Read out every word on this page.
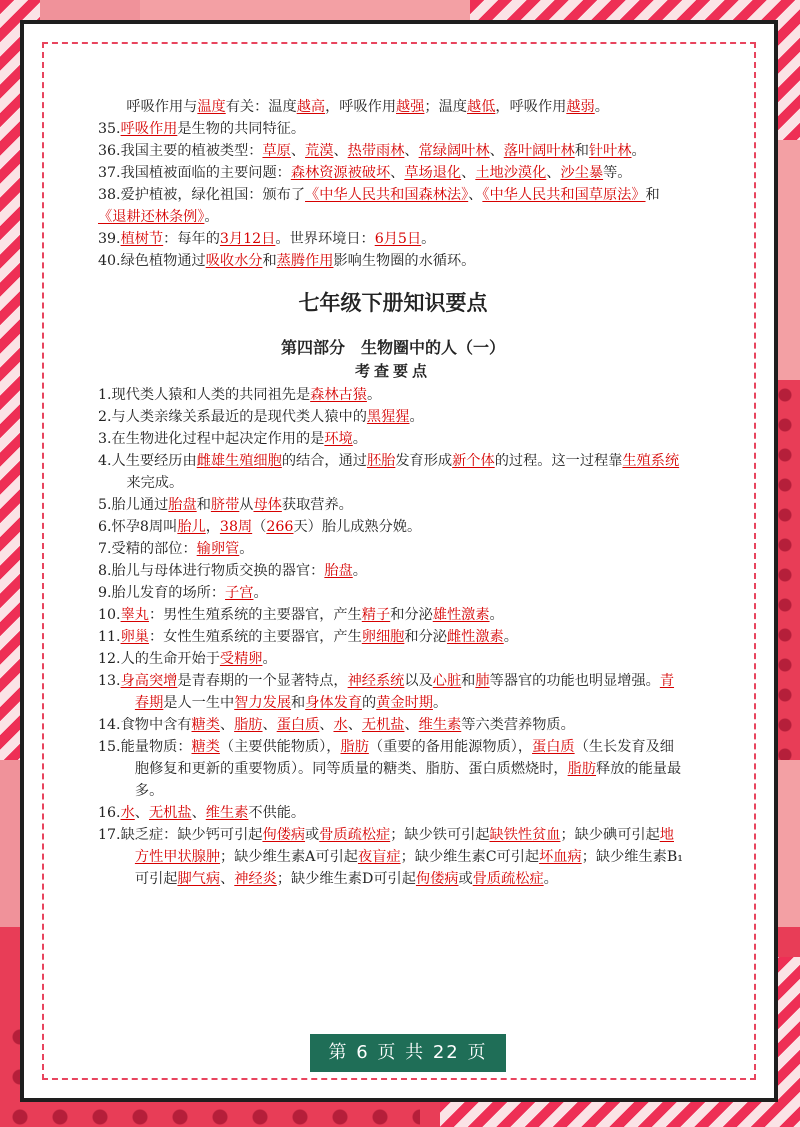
呼吸作用与温度有关：温度越高，呼吸作用越强；温度越低，呼吸作用越弱。

35.呼吸作用是生物的共同特征。

36.我国主要的植被类型：草原、荒漠、热带雨林、常绿阔叶林、落叶阔叶林和针叶林。

37.我国植被面临的主要问题：森林资源被破坏、草场退化、土地沙漠化、沙尘暴等。

38.爱护植被，绿化祖国：颁布了《中华人民共和国森林法》、《中华人民共和国草原法》和《退耕还林条例》。

39.植树节：每年的3月12日。世界环境日：6月5日。

40.绿色植物通过吸收水分和蒸腾作用影响生物圈的水循环。

七年级下册知识要点
第四部分　生物圈中的人（一）
考查要点

1.现代类人猿和人类的共同祖先是森林古猿。

2.与人类亲缘关系最近的是现代类人猿中的黑猩猩。

3.在生物进化过程中起决定作用的是环境。

4.人生要经历由雌雄生殖细胞的结合，通过胚胎发育形成新个体的过程。这一过程靠生殖系统来完成。

5.胎儿通过胎盘和脐带从母体获取营养。

6.怀孕8周叫胎儿，38周（266天）胎儿成熟分娩。

7.受精的部位：输卵管。

8.胎儿与母体进行物质交换的器官：胎盘。

9.胎儿发育的场所：子宫。

10.睾丸：男性生殖系统的主要器官，产生精子和分泌雄性激素。

11.卵巢：女性生殖系统的主要器官，产生卵细胞和分泌雌性激素。

12.人的生命开始于受精卵。

13.身高突增是青春期的一个显著特点，神经系统以及心脏和肺等器官的功能也明显增强。青春期是人一生中智力发展和身体发育的黄金时期。

14.食物中含有糖类、脂肪、蛋白质、水、无机盐、维生素等六类营养物质。

15.能量物质：糖类（主要供能物质），脂肪（重要的备用能源物质），蛋白质（生长发育及细胞修复和更新的重要物质）。同等质量的糖类、脂肪、蛋白质燃烧时，脂肪释放的能量最多。

16.水、无机盐、维生素不供能。

17.缺乏症：缺少钙可引起佝偻病或骨质疏松症；缺少铁可引起缺铁性贫血；缺少碘可引起地方性甲状腺肿；缺少维生素A可引起夜盲症；缺少维生素C可引起坏血病；缺少维生素B₁可引起脚气病、神经炎；缺少维生素D可引起佝偻病或骨质疏松症。

第 6 页 共 22 页
